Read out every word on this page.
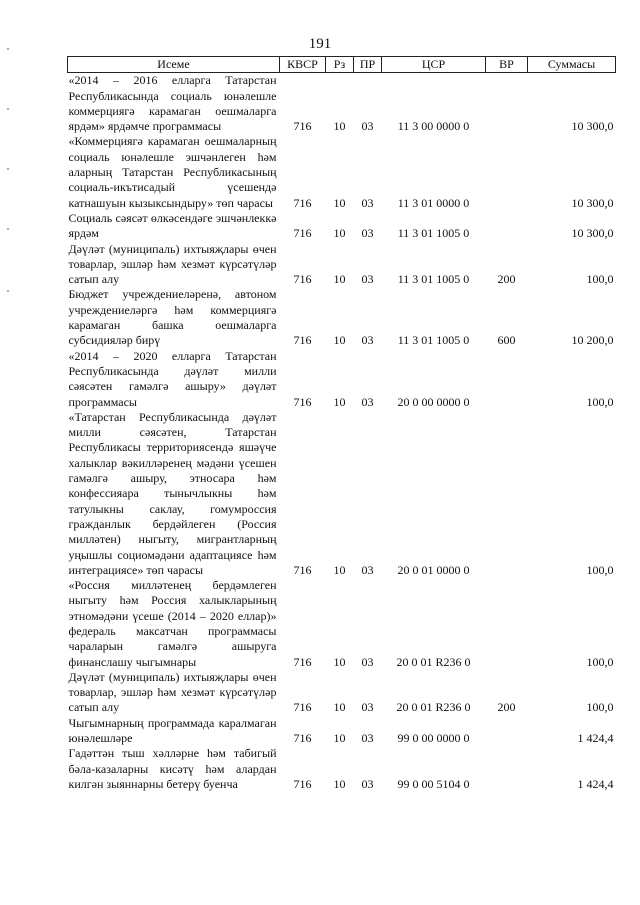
191
Исеме	КВСР	Рз	ПР	ЦСР	ВР	Суммасы
«2014 – 2016 елларга Татарстан Республикасында социаль юнәлешле коммерциягә карамаган оешмаларга ярдәм» ярдәмче программасы	716	10	03	11 3 00 0000 0		10 300,0
«Коммерциягә карамаган оешмаларның социаль юнәлешле эшчәнлеген һәм аларның Татарстан Республикасының социаль-икътисадый үсешендә катнашуын кызыксындыру» төп чарасы	716	10	03	11 3 01 0000 0		10 300,0
Социаль сәясәт өлкәсендәге эшчәнлеккә ярдәм	716	10	03	11 3 01 1005 0		10 300,0
Дәүләт (муниципаль) ихтыяҗлары өчен товарлар, эшләр һәм хезмәт күрсәтүләр сатып алу	716	10	03	11 3 01 1005 0	200	100,0
Бюджет учреждениеләренә, автоном учреждениеләргә һәм коммерциягә карамаган башка оешмаларга субсидияләр бирү	716	10	03	11 3 01 1005 0	600	10 200,0
«2014 – 2020 елларга Татарстан Республикасында дәүләт милли сәясәтен гамәлгә ашыру» дәүләт программасы	716	10	03	20 0 00 0000 0		100,0
«Татарстан Республикасында дәүләт милли сәясәтен, Татарстан Республикасы территориясендә яшәүче халыклар вәкилләренең мәдәни үсешен гамәлгә ашыру, этносара һәм конфессияара тынычлыкны һәм татулыкны саклау, гомумроссия гражданлык бердәйлеген (Россия милләтен) ныгыту, мигрантларның уңышлы социомәдәни адаптациясе һәм интеграциясе» төп чарасы	716	10	03	20 0 01 0000 0		100,0
«Россия милләтенең бердәмлеген ныгыту һәм Россия халыкларының этномәдәни үсеше (2014 – 2020 еллар)» федераль максатчан программасы чараларын гамәлгә ашыруга финанслашу чыгымнары	716	10	03	20 0 01 R236 0		100,0
Дәүләт (муниципаль) ихтыяҗлары өчен товарлар, эшләр һәм хезмәт күрсәтүләр сатып алу	716	10	03	20 0 01 R236 0	200	100,0
Чыгымнарның программада каралмаган юнәлешләре	716	10	03	99 0 00 0000 0		1 424,4
Гадәттән тыш хәлләрне һәм табигый бәла-казаларны кисәтү һәм алардан килгән зыяннарны бетерү буенча	716	10	03	99 0 00 5104 0		1 424,4
